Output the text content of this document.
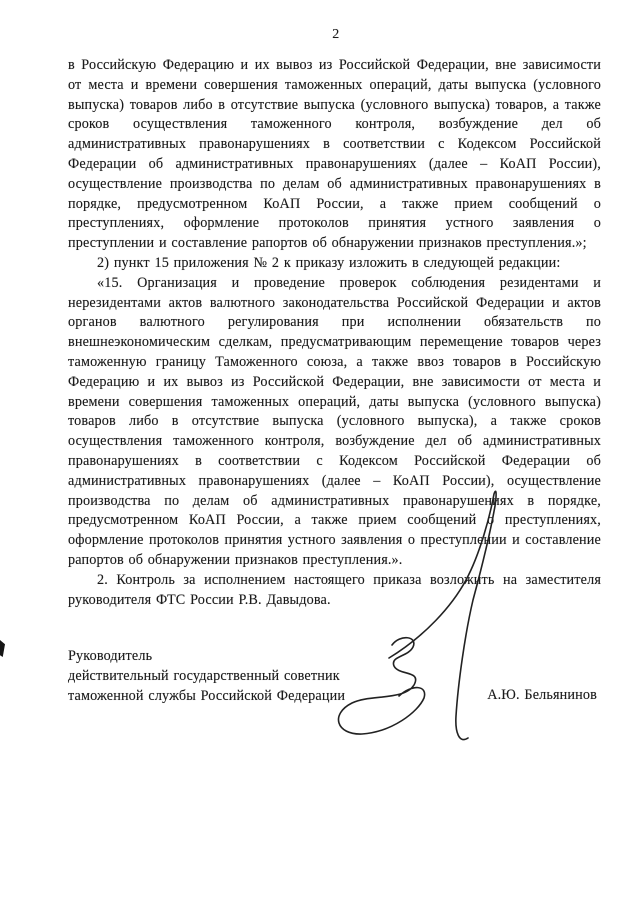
2

в Российскую Федерацию и их вывоз из Российской Федерации, вне зависимости от места и времени совершения таможенных операций, даты выпуска (условного выпуска) товаров либо в отсутствие выпуска (условного выпуска) товаров, а также сроков осуществления таможенного контроля, возбуждение дел об административных правонарушениях в соответствии с Кодексом Российской Федерации об административных правонарушениях (далее – КоАП России), осуществление производства по делам об административных правонарушениях в порядке, предусмотренном КоАП России, а также прием сообщений о преступлениях, оформление протоколов принятия устного заявления о преступлении и составление рапортов об обнаружении признаков преступления.»;

2) пункт 15 приложения № 2 к приказу изложить в следующей редакции:

«15. Организация и проведение проверок соблюдения резидентами и нерезидентами актов валютного законодательства Российской Федерации и актов органов валютного регулирования при исполнении обязательств по внешнеэкономическим сделкам, предусматривающим перемещение товаров через таможенную границу Таможенного союза, а также ввоз товаров в Российскую Федерацию и их вывоз из Российской Федерации, вне зависимости от места и времени совершения таможенных операций, даты выпуска (условного выпуска) товаров либо в отсутствие выпуска (условного выпуска), а также сроков осуществления таможенного контроля, возбуждение дел об административных правонарушениях в соответствии с Кодексом Российской Федерации об административных правонарушениях (далее – КоАП России), осуществление производства по делам об административных правонарушениях в порядке, предусмотренном КоАП России, а также прием сообщений о преступлениях, оформление протоколов принятия устного заявления о преступлении и составление рапортов об обнаружении признаков преступления.».

2. Контроль за исполнением настоящего приказа возложить на заместителя руководителя ФТС России Р.В. Давыдова.

Руководитель
действительный государственный советник
таможенной службы Российской Федерации	А.Ю. Бельянинов
